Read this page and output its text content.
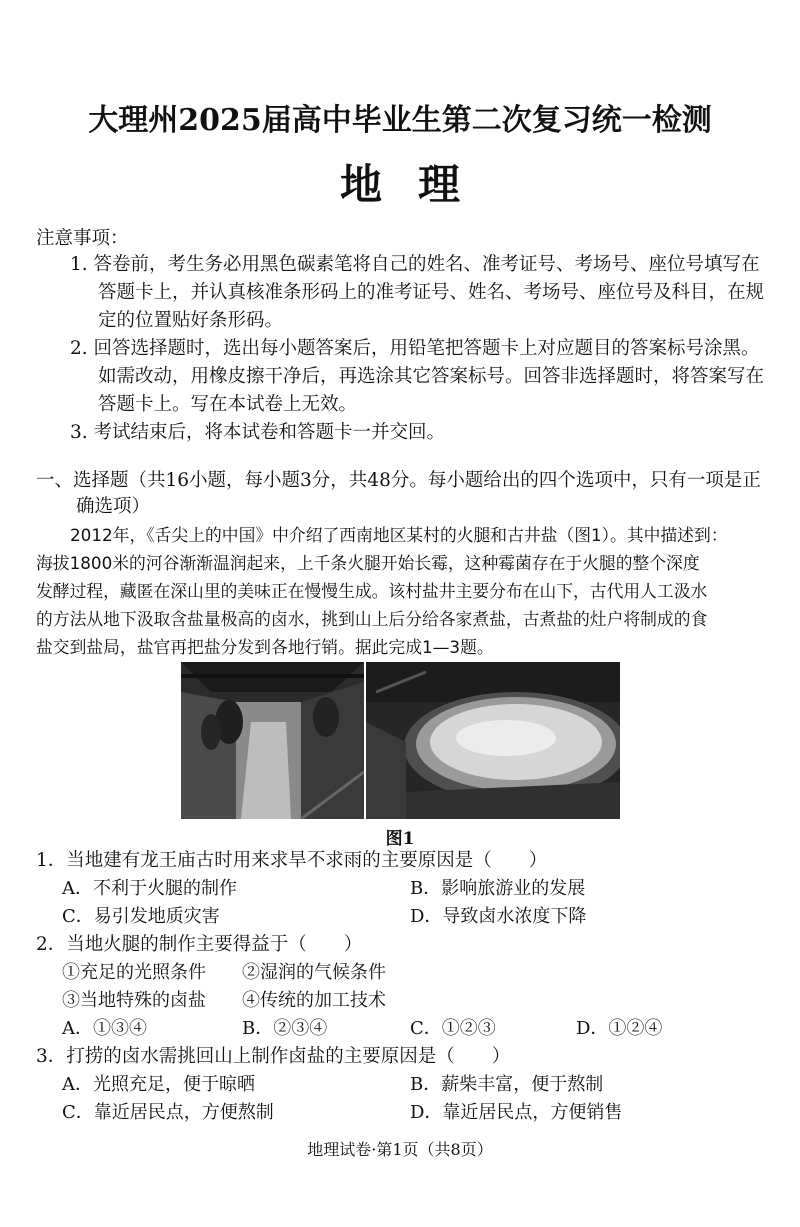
大理州2025届高中毕业生第二次复习统一检测
地理
注意事项：
1. 答卷前，考生务必用黑色碳素笔将自己的姓名、准考证号、考场号、座位号填写在
答题卡上，并认真核准条形码上的准考证号、姓名、考场号、座位号及科目，在规
定的位置贴好条形码。
2. 回答选择题时，选出每小题答案后，用铅笔把答题卡上对应题目的答案标号涂黑。
如需改动，用橡皮擦干净后，再选涂其它答案标号。回答非选择题时，将答案写在
答题卡上。写在本试卷上无效。
3. 考试结束后，将本试卷和答题卡一并交回。
一、选择题（共16小题，每小题3分，共48分。每小题给出的四个选项中，只有一项是正
确选项）
2012年，《舌尖上的中国》中介绍了西南地区某村的火腿和古井盐（图1）。其中描述到：
海拔1800米的河谷渐渐温润起来，上千条火腿开始长霉，这种霉菌存在于火腿的整个深度
发酵过程，藏匿在深山里的美味正在慢慢生成。该村盐井主要分布在山下，古代用人工汲水
的方法从地下汲取含盐量极高的卤水，挑到山上后分给各家煮盐，古煮盐的灶户将制成的食
盐交到盐局，盐官再把盐分发到各地行销。据此完成1—3题。
图1
1．当地建有龙王庙古时用来求旱不求雨的主要原因是（　　）
A．不利于火腿的制作	B．影响旅游业的发展
C．易引发地质灾害	D．导致卤水浓度下降
2．当地火腿的制作主要得益于（　　）
①充足的光照条件 ②湿润的气候条件
③当地特殊的卤盐 ④传统的加工技术
A．①③④	B．②③④	C．①②③	D．①②④
3．打捞的卤水需挑回山上制作卤盐的主要原因是（　　）
A．光照充足，便于晾晒	B．薪柴丰富，便于熬制
C．靠近居民点，方便熬制	D．靠近居民点，方便销售
地理试卷·第1页（共8页）
